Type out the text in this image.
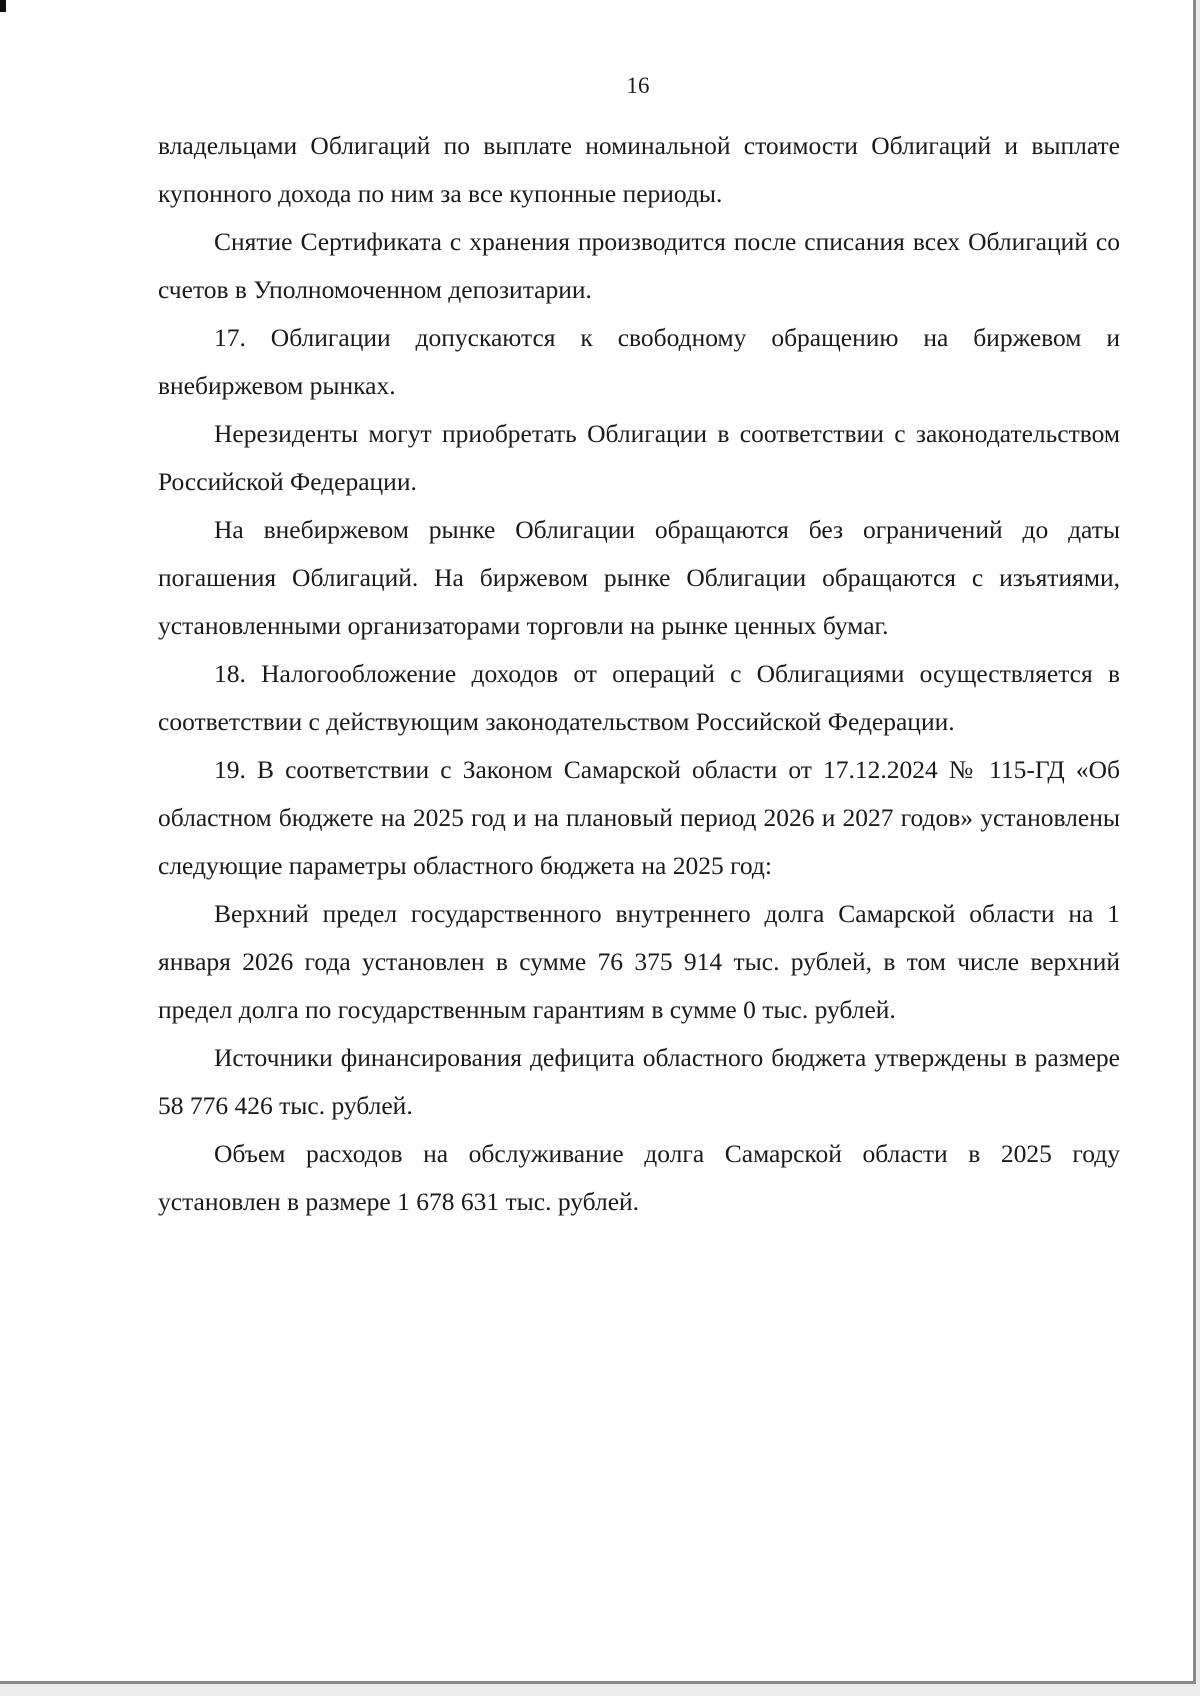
16

владельцами Облигаций по выплате номинальной стоимости Облигаций и выплате купонного дохода по ним за все купонные периоды.

Снятие Сертификата с хранения производится после списания всех Облигаций со счетов в Уполномоченном депозитарии.

17. Облигации допускаются к свободному обращению на биржевом и внебиржевом рынках.

Нерезиденты могут приобретать Облигации в соответствии с законодательством Российской Федерации.

На внебиржевом рынке Облигации обращаются без ограничений до даты погашения Облигаций. На биржевом рынке Облигации обращаются с изъятиями, установленными организаторами торговли на рынке ценных бумаг.

18. Налогообложение доходов от операций с Облигациями осуществляется в соответствии с действующим законодательством Российской Федерации.

19. В соответствии с Законом Самарской области от 17.12.2024 № 115-ГД «Об областном бюджете на 2025 год и на плановый период 2026 и 2027 годов» установлены следующие параметры областного бюджета на 2025 год:

Верхний предел государственного внутреннего долга Самарской области на 1 января 2026 года установлен в сумме 76 375 914 тыс. рублей, в том числе верхний предел долга по государственным гарантиям в сумме 0 тыс. рублей.

Источники финансирования дефицита областного бюджета утверждены в размере 58 776 426 тыс. рублей.

Объем расходов на обслуживание долга Самарской области в 2025 году установлен в размере 1 678 631 тыс. рублей.
